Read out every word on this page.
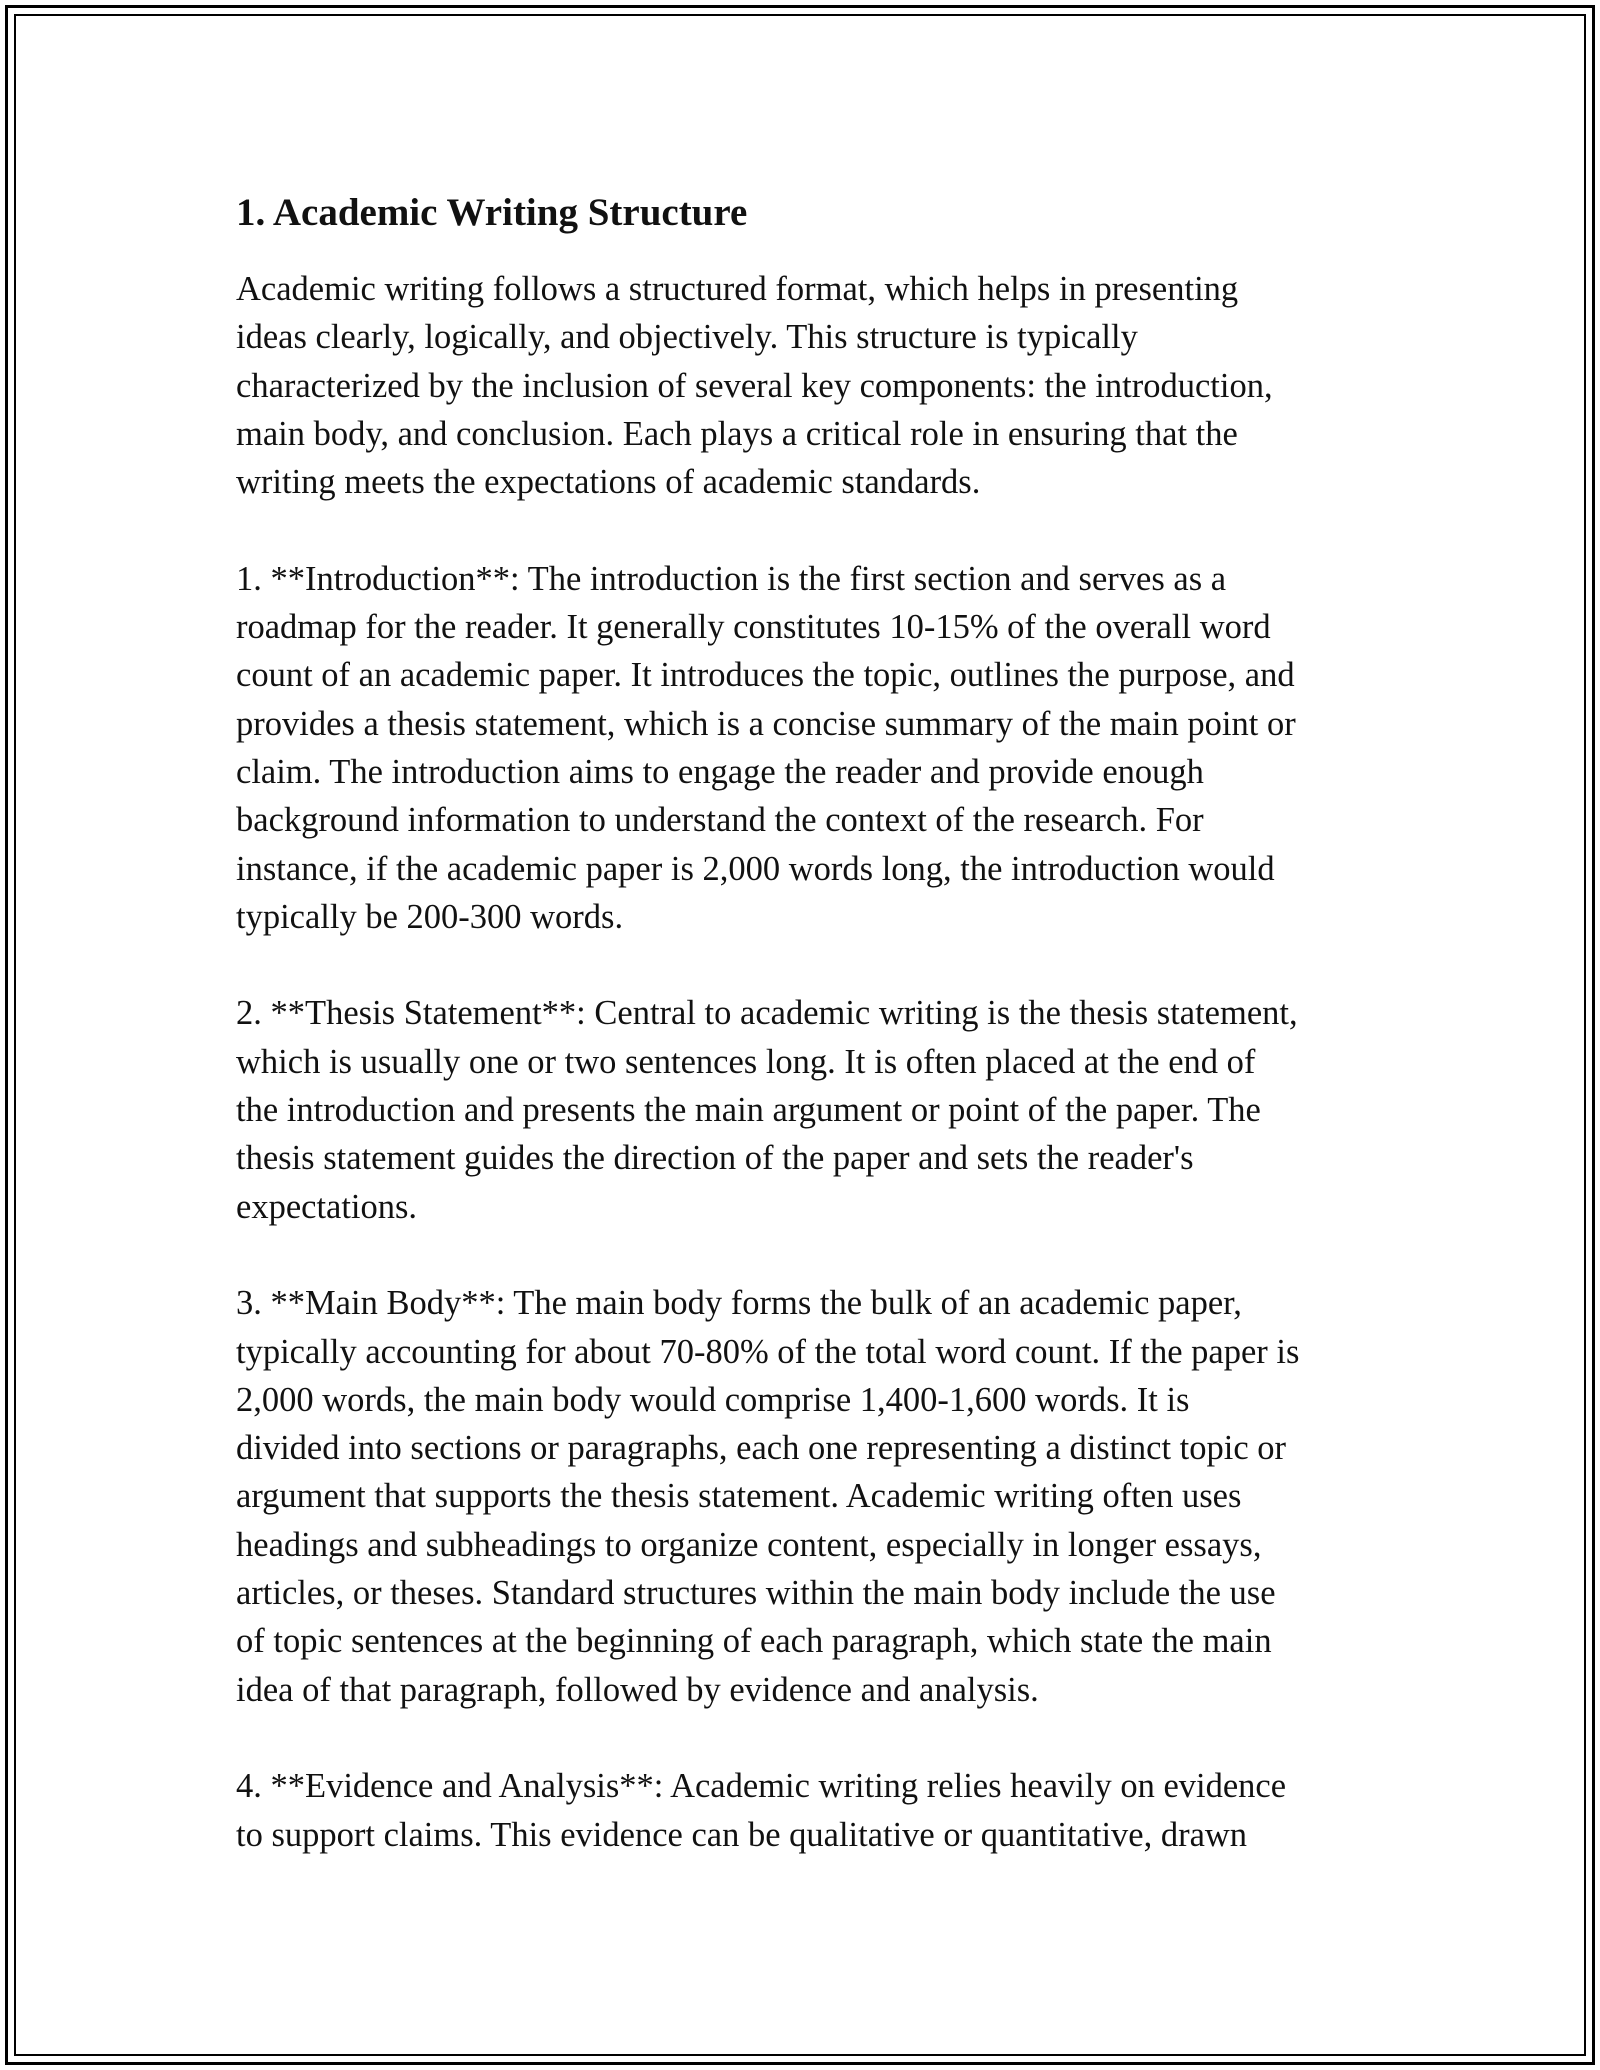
1. Academic Writing Structure

Academic writing follows a structured format, which helps in presenting
ideas clearly, logically, and objectively. This structure is typically
characterized by the inclusion of several key components: the introduction,
main body, and conclusion. Each plays a critical role in ensuring that the
writing meets the expectations of academic standards.

1. **Introduction**: The introduction is the first section and serves as a
roadmap for the reader. It generally constitutes 10-15% of the overall word
count of an academic paper. It introduces the topic, outlines the purpose, and
provides a thesis statement, which is a concise summary of the main point or
claim. The introduction aims to engage the reader and provide enough
background information to understand the context of the research. For
instance, if the academic paper is 2,000 words long, the introduction would
typically be 200-300 words.

2. **Thesis Statement**: Central to academic writing is the thesis statement,
which is usually one or two sentences long. It is often placed at the end of
the introduction and presents the main argument or point of the paper. The
thesis statement guides the direction of the paper and sets the reader's
expectations.

3. **Main Body**: The main body forms the bulk of an academic paper,
typically accounting for about 70-80% of the total word count. If the paper is
2,000 words, the main body would comprise 1,400-1,600 words. It is
divided into sections or paragraphs, each one representing a distinct topic or
argument that supports the thesis statement. Academic writing often uses
headings and subheadings to organize content, especially in longer essays,
articles, or theses. Standard structures within the main body include the use
of topic sentences at the beginning of each paragraph, which state the main
idea of that paragraph, followed by evidence and analysis.

4. **Evidence and Analysis**: Academic writing relies heavily on evidence
to support claims. This evidence can be qualitative or quantitative, drawn
